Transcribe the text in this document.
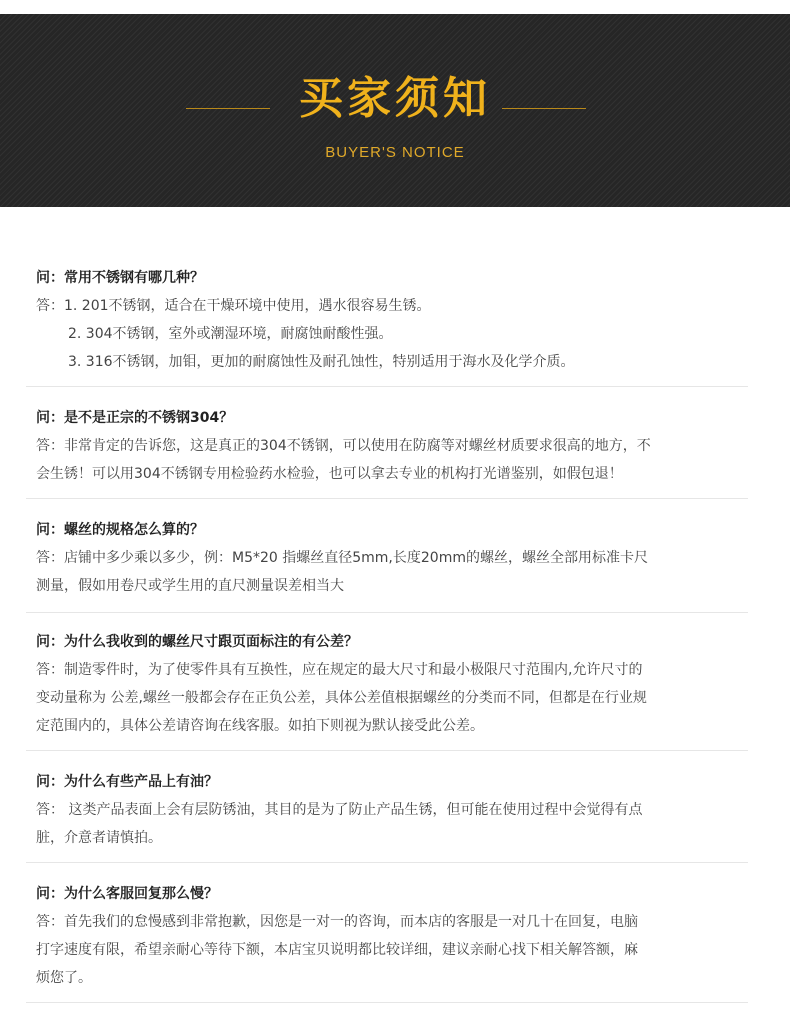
买家须知
BUYER'S NOTICE

问：常用不锈钢有哪几种？

答：1. 201不锈钢，适合在干燥环境中使用，遇水很容易生锈。

2. 304不锈钢，室外或潮湿环境，耐腐蚀耐酸性强。
3. 316不锈钢，加钼，更加的耐腐蚀性及耐孔蚀性，特别适用于海水及化学介质。

问：是不是正宗的不锈钢304？

答：非常肯定的告诉您，这是真正的304不锈钢，可以使用在防腐等对螺丝材质要求很高的地方，不

会生锈！可以用304不锈钢专用检验药水检验，也可以拿去专业的机构打光谱鉴别，如假包退！

问：螺丝的规格怎么算的？

答：店铺中多少乘以多少，例：M5*20 指螺丝直径5mm,长度20mm的螺丝，螺丝全部用标准卡尺

测量，假如用卷尺或学生用的直尺测量误差相当大

问：为什么我收到的螺丝尺寸跟页面标注的有公差？

答：制造零件时，为了使零件具有互换性，应在规定的最大尺寸和最小极限尺寸范围内,允许尺寸的

变动量称为 公差,螺丝一般都会存在正负公差，具体公差值根据螺丝的分类而不同，但都是在行业规

定范围内的，具体公差请咨询在线客服。如拍下则视为默认接受此公差。

问：为什么有些产品上有油？

答： 这类产品表面上会有层防锈油，其目的是为了防止产品生锈，但可能在使用过程中会觉得有点

脏，介意者请慎拍。

问：为什么客服回复那么慢？

答：首先我们的怠慢感到非常抱歉，因您是一对一的咨询，而本店的客服是一对几十在回复，电脑

打字速度有限，希望亲耐心等待下额，本店宝贝说明都比较详细，建议亲耐心找下相关解答额，麻

烦您了。
